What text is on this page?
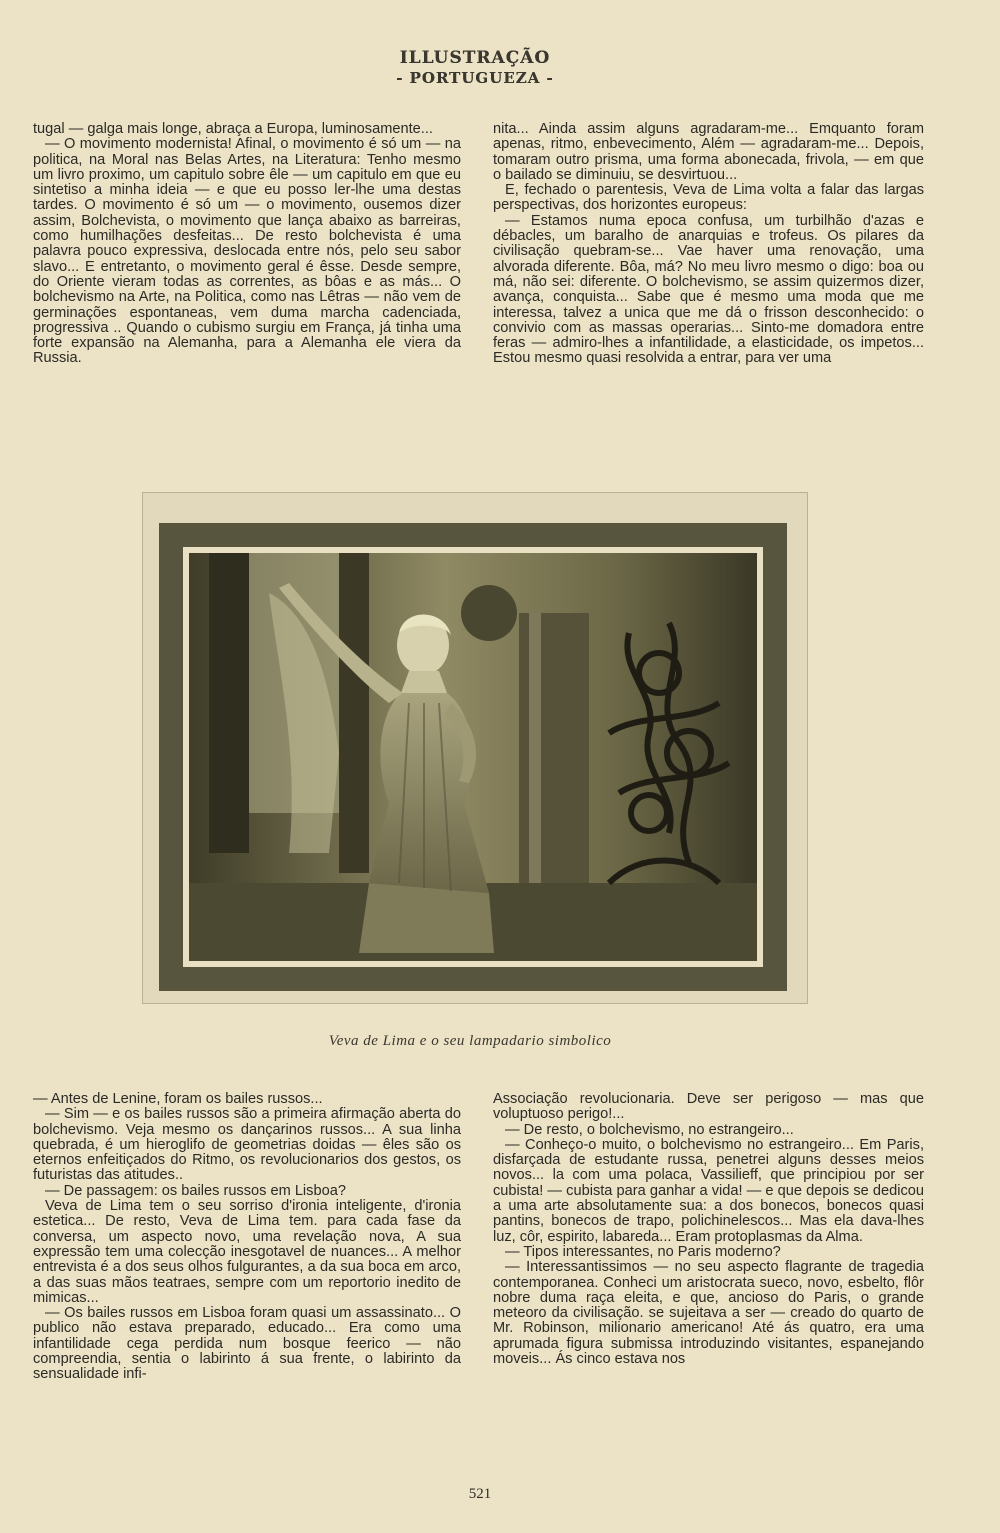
ILLUSTRAÇÃO
- PORTUGUEZA -

tugal — galga mais longe, abraça a Europa, luminosamente...

— O movimento modernista! Afinal, o movimento é só um — na politica, na Moral nas Belas Artes, na Literatura: Tenho mesmo um livro proximo, um capitulo sobre êle — um capitulo em que eu sintetiso a minha ideia — e que eu posso ler-lhe uma destas tardes. O movimento é só um — o movimento, ousemos dizer assim, Bolchevista, o movimento que lança abaixo as barreiras, como humilhações desfeitas... De resto bolchevista é uma palavra pouco expressiva, deslocada entre nós, pelo seu sabor slavo... E entretanto, o movimento geral é êsse. Desde sempre, do Oriente vieram todas as correntes, as bôas e as más... O bolchevismo na Arte, na Politica, como nas Lêtras — não vem de germinações espontaneas, vem duma marcha cadenciada, progressiva .. Quando o cubismo surgiu em França, já tinha uma forte expansão na Alemanha, para a Alemanha ele viera da Russia.

nita... Ainda assim alguns agradaram-me... Emquanto foram apenas, ritmo, enbevecimento, Além — agradaram-me... Depois, tomaram outro prisma, uma forma abonecada, frivola, — em que o bailado se diminuiu, se desvirtuou...

E, fechado o parentesis, Veva de Lima volta a falar das largas perspectivas, dos horizontes europeus:

— Estamos numa epoca confusa, um turbilhão d'azas e débacles, um baralho de anarquias e trofeus. Os pilares da civilisação quebram-se... Vae haver uma renovação, uma alvorada diferente. Bôa, má? No meu livro mesmo o digo: boa ou má, não sei: diferente. O bolchevismo, se assim quizermos dizer, avança, conquista... Sabe que é mesmo uma moda que me interessa, talvez a unica que me dá o frisson desconhecido: o convivio com as massas operarias... Sinto-me domadora entre feras — admiro-lhes a infantilidade, a elasticidade, os impetos... Estou mesmo quasi resolvida a entrar, para ver uma

Veva de Lima e o seu lampadario simbolico

— Antes de Lenine, foram os bailes russos...

— Sim — e os bailes russos são a primeira afirmação aberta do bolchevismo. Veja mesmo os dançarinos russos... A sua linha quebrada, é um hieroglifo de geometrias doidas — êles são os eternos enfeitiçados do Ritmo, os revolucionarios dos gestos, os futuristas das atitudes..

— De passagem: os bailes russos em Lisboa?

Veva de Lima tem o seu sorriso d'ironia inteligente, d'ironia estetica... De resto, Veva de Lima tem. para cada fase da conversa, um aspecto novo, uma revelação nova, A sua expressão tem uma colecção inesgotavel de nuances... A melhor entrevista é a dos seus olhos fulgurantes, a da sua boca em arco, a das suas mãos teatraes, sempre com um reportorio inedito de mimicas...

— Os bailes russos em Lisboa foram quasi um assassinato... O publico não estava preparado, educado... Era como uma infantilidade cega perdida num bosque feerico — não compreendia, sentia o labirinto á sua frente, o labirinto da sensualidade infi-

Associação revolucionaria. Deve ser perigoso — mas que voluptuoso perigo!...

— De resto, o bolchevismo, no estrangeiro...

— Conheço-o muito, o bolchevismo no estrangeiro... Em Paris, disfarçada de estudante russa, penetrei alguns desses meios novos... la com uma polaca, Vassilieff, que principiou por ser cubista! — cubista para ganhar a vida! — e que depois se dedicou a uma arte absolutamente sua: a dos bonecos, bonecos quasi pantins, bonecos de trapo, polichinelescos... Mas ela dava-lhes luz, côr, espirito, labareda... Eram protoplasmas da Alma.

— Tipos interessantes, no Paris moderno?

— Interessantissimos — no seu aspecto flagrante de tragedia contemporanea. Conheci um aristocrata sueco, novo, esbelto, flôr nobre duma raça eleita, e que, ancioso do Paris, o grande meteoro da civilisação. se sujeitava a ser — creado do quarto de Mr. Robinson, milionario americano! Até ás quatro, era uma aprumada figura submissa introduzindo visitantes, espanejando moveis... Ás cinco estava nos

521
